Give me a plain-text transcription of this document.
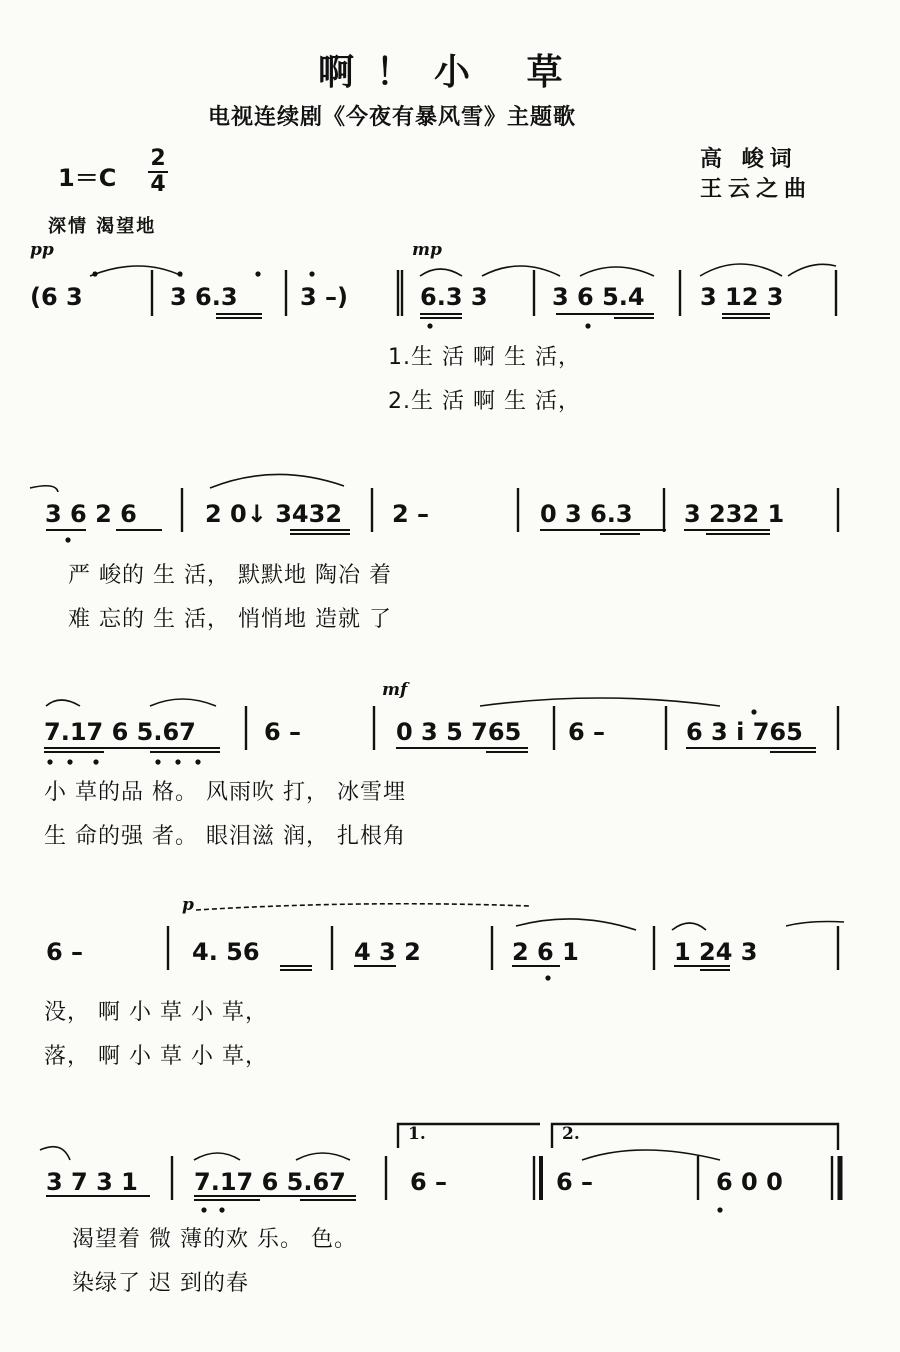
啊！小 草
电视连续剧《今夜有暴风雪》主题歌
高 峻词
王云之曲
1＝C
2
4
深情 渴望地
pp	mp
mf
p
(6 3	3 6.3	3 –)	6.3 3	3 6 5.4 3 12 3
1.生 活 啊 生 活，
2.生 活 啊 生 活，
3 6 2 6	2 0↓ 3432 2 –	0 3 6.3 3 232 1
严 峻的 生 活， 默默地 陶冶 着
难 忘的 生 活， 悄悄地 造就 了
7.17 6 5.67	6 –	0 3 5 765 6 –	6 3 i 765
小 草的品 格。 风雨吹 打， 冰雪埋
生 命的强 者。 眼泪滋 润， 扎根角
6 –	4. 56	4 3 2	2 6 1	1 24 3
没， 啊 小 草 小 草，
落， 啊 小 草 小 草，
3 7 3 1 7.17 6 5.67	6 –	6 –	6 0 0
1.	2.
渴望着 微 薄的欢 乐。 色。
染绿了 迟 到的春
